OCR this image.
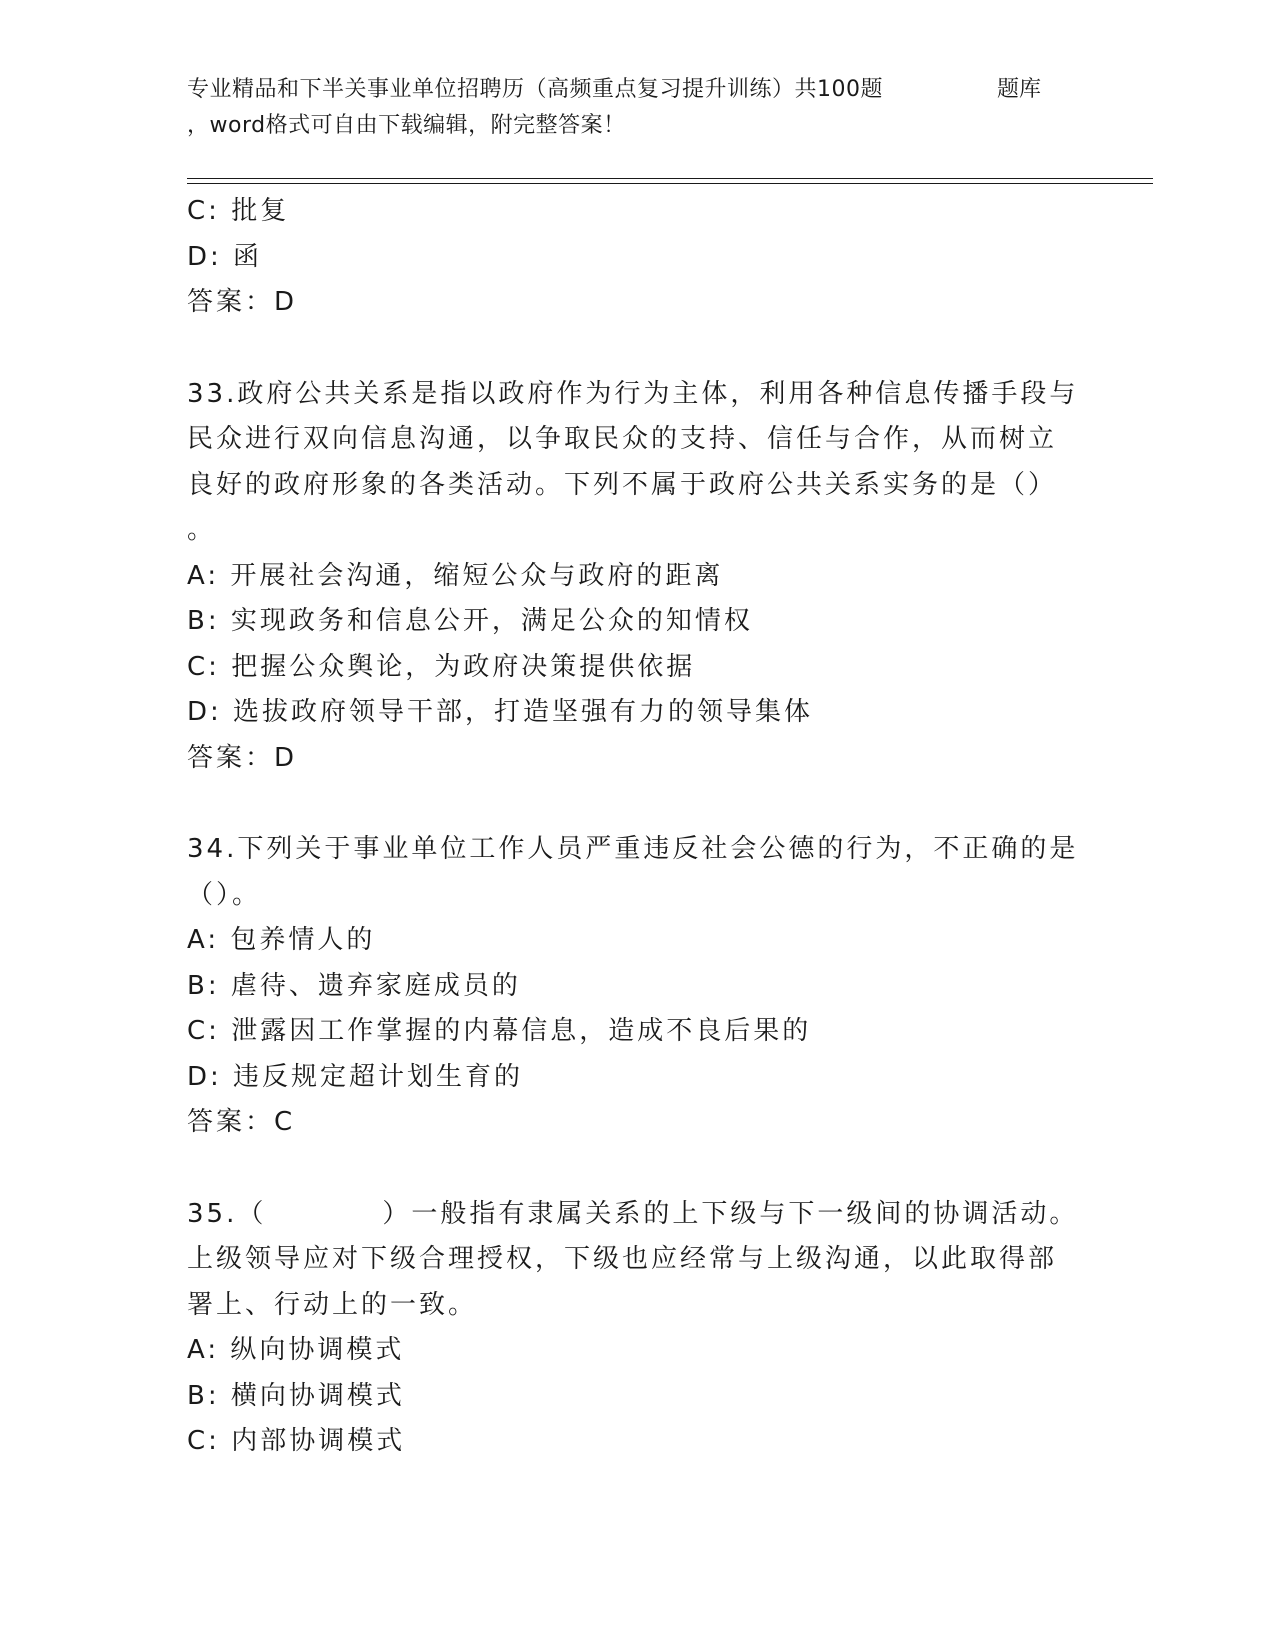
专业精品和下半关事业单位招聘历（高频重点复习提升训练）共100题	题库
，word格式可自由下载编辑，附完整答案！
C: 批复
D: 函
答案：D
33.政府公共关系是指以政府作为行为主体，利用各种信息传播手段与
民众进行双向信息沟通，以争取民众的支持、信任与合作，从而树立
良好的政府形象的各类活动。下列不属于政府公共关系实务的是（）
。
A: 开展社会沟通，缩短公众与政府的距离
B: 实现政务和信息公开，满足公众的知情权
C: 把握公众舆论，为政府决策提供依据
D: 选拔政府领导干部，打造坚强有力的领导集体
答案：D
34.下列关于事业单位工作人员严重违反社会公德的行为，不正确的是
（）。
A: 包养情人的
B: 虐待、遗弃家庭成员的
C: 泄露因工作掌握的内幕信息，造成不良后果的
D: 违反规定超计划生育的
答案：C
35.（　　　　）一般指有隶属关系的上下级与下一级间的协调活动。
上级领导应对下级合理授权，下级也应经常与上级沟通，以此取得部
署上、行动上的一致。
A: 纵向协调模式
B: 横向协调模式
C: 内部协调模式
